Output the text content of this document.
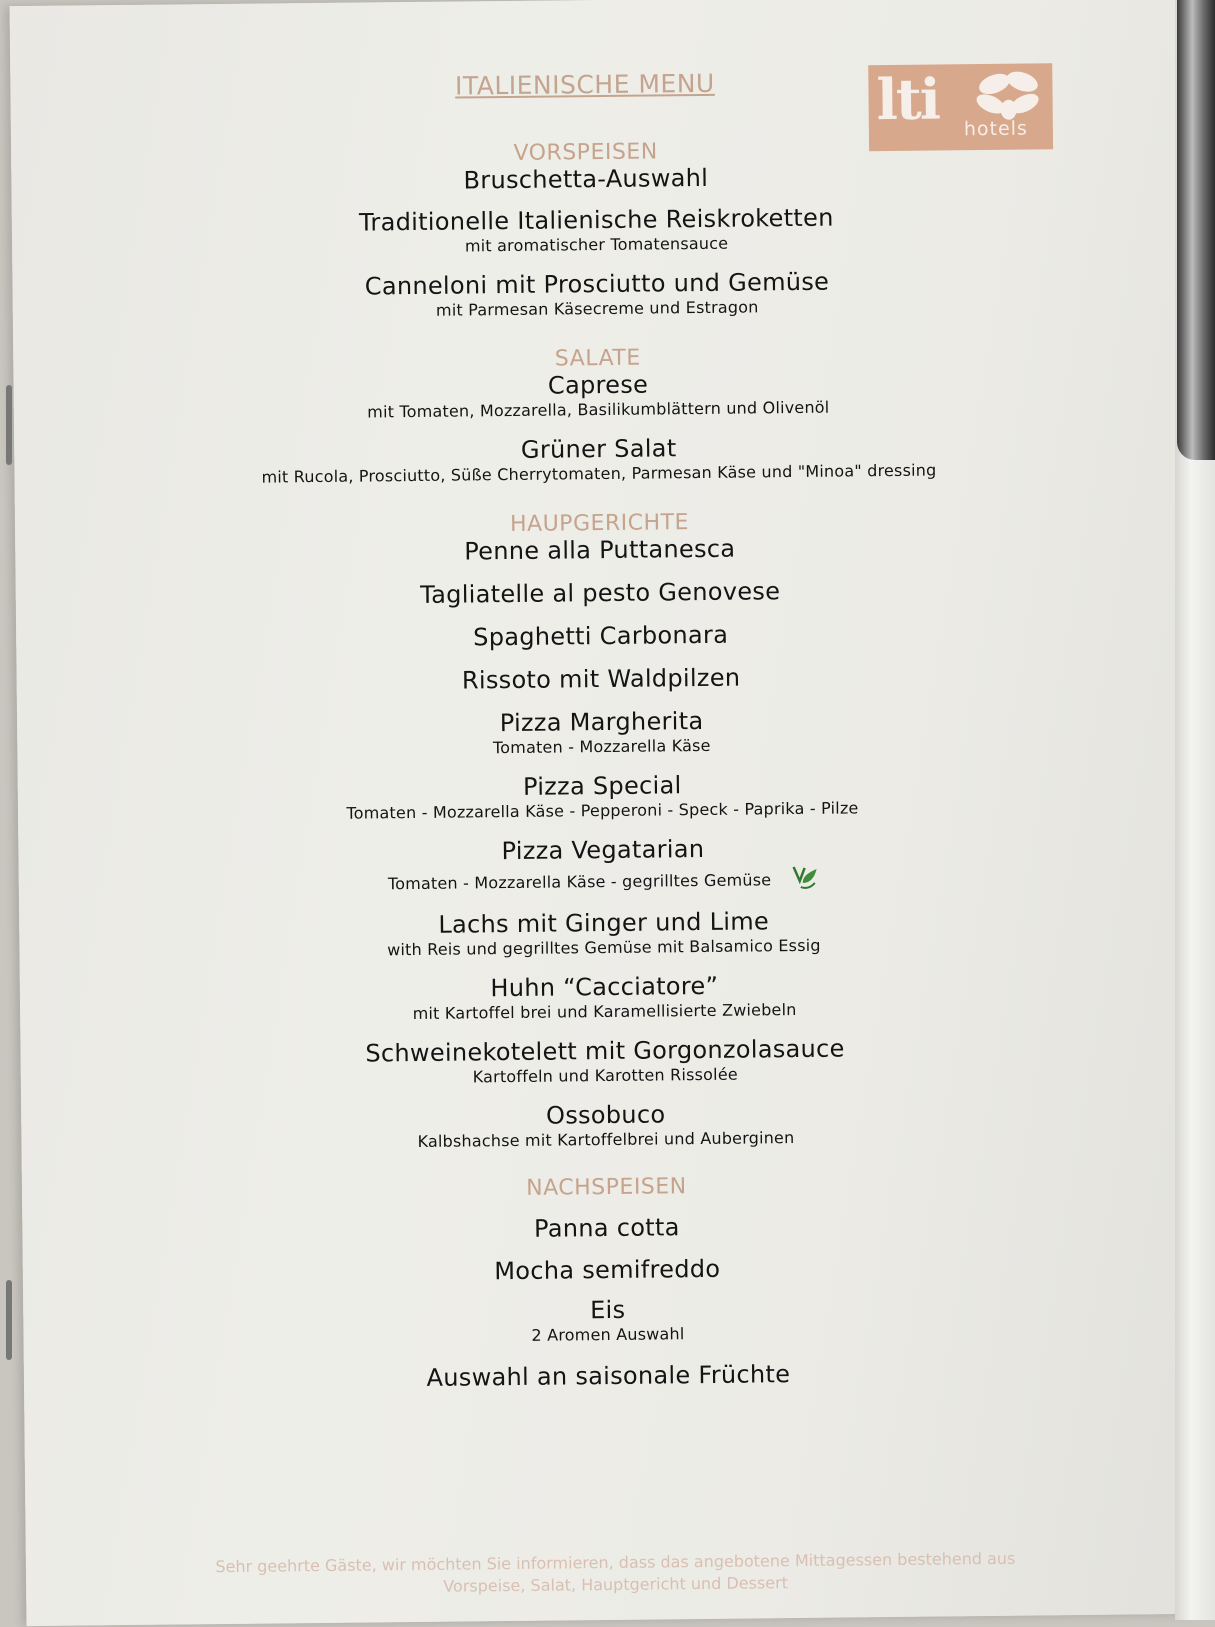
ITALIENISCHE MENU	lti hotels
VORSPEISEN
Bruschetta-Auswahl
Traditionelle Italienische Reiskroketten
mit aromatischer Tomatensauce
Canneloni mit Prosciutto und Gemüse
mit Parmesan Käsecreme und Estragon
SALATE
Caprese
mit Tomaten, Mozzarella, Basilikumblättern und Olivenöl
Grüner Salat
mit Rucola, Prosciutto, Süße Cherrytomaten, Parmesan Käse und "Minoa" dressing
HAUPGERICHTE
Penne alla Puttanesca
Tagliatelle al pesto Genovese
Spaghetti Carbonara
Rissoto mit Waldpilzen
Pizza Margherita
Tomaten - Mozzarella Käse
Pizza Special
Tomaten - Mozzarella Käse - Pepperoni - Speck - Paprika - Pilze
Pizza Vegatarian
Tomaten - Mozzarella Käse - gegrilltes Gemüse
Lachs mit Ginger und Lime
with Reis und gegrilltes Gemüse mit Balsamico Essig
Huhn “Cacciatore”
mit Kartoffel brei und Karamellisierte Zwiebeln
Schweinekotelett mit Gorgonzolasauce
Kartoffeln und Karotten Rissolée
Ossobuco
Kalbshachse mit Kartoffelbrei und Auberginen
NACHSPEISEN
Panna cotta
Mocha semifreddo
Eis
2 Aromen Auswahl
Auswahl an saisonale Früchte
Sehr geehrte Gäste, wir möchten Sie informieren, dass das angebotene Mittagessen bestehend aus
Vorspeise, Salat, Hauptgericht und Dessert
